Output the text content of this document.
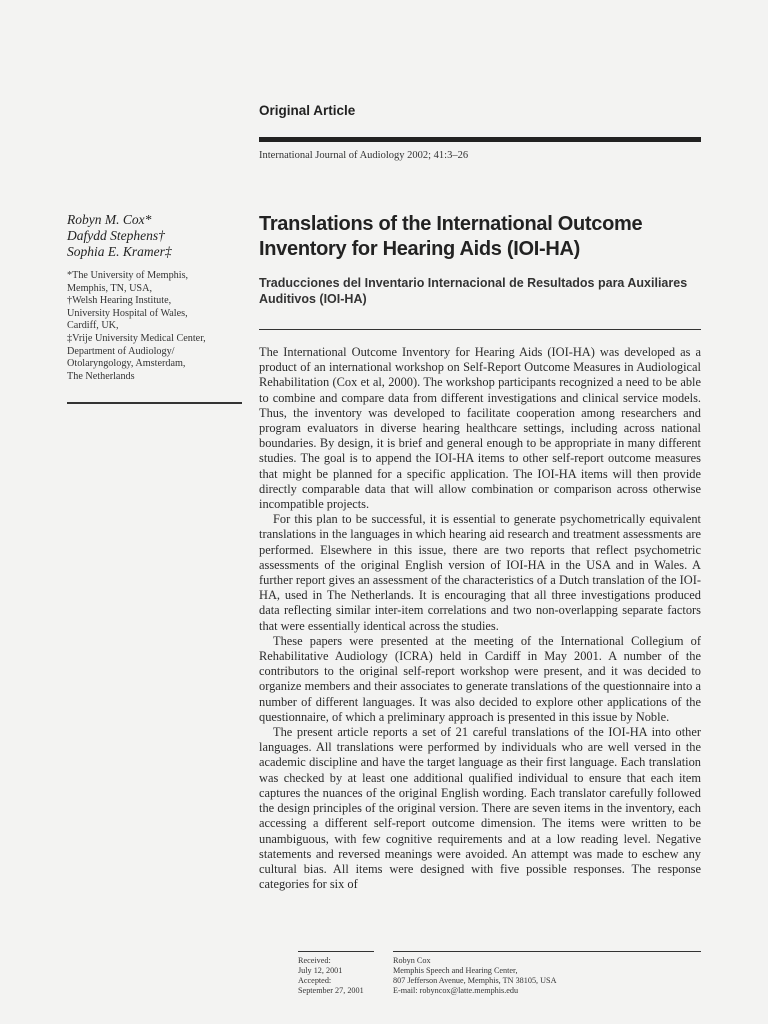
Original Article
International Journal of Audiology 2002; 41:3–26
Robyn M. Cox*
Dafydd Stephens†
Sophia E. Kramer‡
*The University of Memphis,
Memphis, TN, USA,
†Welsh Hearing Institute,
University Hospital of Wales,
Cardiff, UK,
‡Vrije University Medical Center,
Department of Audiology/
Otolaryngology, Amsterdam,
The Netherlands
Translations of the International Outcome Inventory for Hearing Aids (IOI-HA)
Traducciones del Inventario Internacional de Resultados para Auxiliares Auditivos (IOI-HA)

The International Outcome Inventory for Hearing Aids (IOI-HA) was developed as a product of an international workshop on Self-Report Outcome Measures in Audiological Rehabilitation (Cox et al, 2000). The workshop participants recognized a need to be able to combine and compare data from different investigations and clinical service models. Thus, the inventory was developed to facilitate cooperation among researchers and program evaluators in diverse hearing healthcare settings, including across national boundaries. By design, it is brief and general enough to be appropriate in many different studies. The goal is to append the IOI-HA items to other self-report outcome measures that might be planned for a specific application. The IOI-HA items will then provide directly comparable data that will allow combination or comparison across otherwise incompatible projects.

For this plan to be successful, it is essential to generate psychometrically equivalent translations in the languages in which hearing aid research and treatment assessments are performed. Elsewhere in this issue, there are two reports that reflect psychometric assessments of the original English version of IOI-HA in the USA and in Wales. A further report gives an assessment of the characteristics of a Dutch translation of the IOI-HA, used in The Netherlands. It is encouraging that all three investigations produced data reflecting similar inter-item correlations and two non-overlapping separate factors that were essentially identical across the studies.

These papers were presented at the meeting of the International Collegium of Rehabilitative Audiology (ICRA) held in Cardiff in May 2001. A number of the contributors to the original self-report workshop were present, and it was decided to organize members and their associates to generate translations of the questionnaire into a number of different languages. It was also decided to explore other applications of the questionnaire, of which a preliminary approach is presented in this issue by Noble.

The present article reports a set of 21 careful translations of the IOI-HA into other languages. All translations were performed by individuals who are well versed in the academic discipline and have the target language as their first language. Each translation was checked by at least one additional qualified individual to ensure that each item captures the nuances of the original English wording. Each translator carefully followed the design principles of the original version. There are seven items in the inventory, each accessing a different self-report outcome dimension. The items were written to be unambiguous, with few cognitive requirements and at a low reading level. Negative statements and reversed meanings were avoided. An attempt was made to eschew any cultural bias. All items were designed with five possible responses. The response categories for six of

Received:
July 12, 2001
Accepted:
September 27, 2001
Robyn Cox
Memphis Speech and Hearing Center,
807 Jefferson Avenue, Memphis, TN 38105, USA
E-mail: robyncox@latte.memphis.edu
